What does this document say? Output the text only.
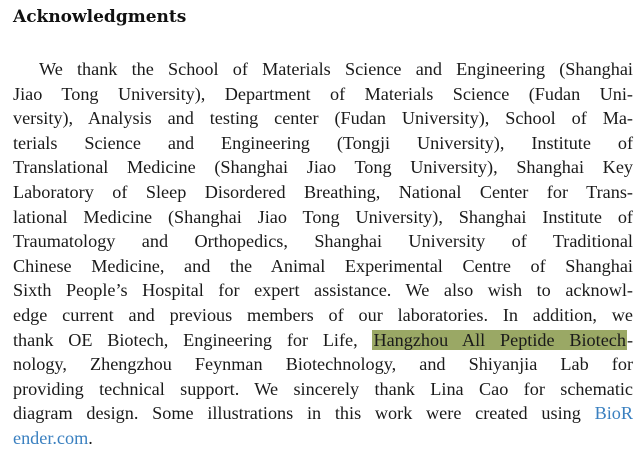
Acknowledgments
We thank the School of Materials Science and Engineering (Shanghai
Jiao Tong University), Department of Materials Science (Fudan Uni-
versity), Analysis and testing center (Fudan University), School of Ma-
terials Science and Engineering (Tongji University), Institute of
Translational Medicine (Shanghai Jiao Tong University), Shanghai Key
Laboratory of Sleep Disordered Breathing, National Center for Trans-
lational Medicine (Shanghai Jiao Tong University), Shanghai Institute of
Traumatology and Orthopedics, Shanghai University of Traditional
Chinese Medicine, and the Animal Experimental Centre of Shanghai
Sixth People’s Hospital for expert assistance. We also wish to acknowl-
edge current and previous members of our laboratories. In addition, we
thank OE Biotech, Engineering for Life, Hangzhou All Peptide Biotech-
nology, Zhengzhou Feynman Biotechnology, and Shiyanjia Lab for
providing technical support. We sincerely thank Lina Cao for schematic
diagram design. Some illustrations in this work were created using BioR
ender.com.
